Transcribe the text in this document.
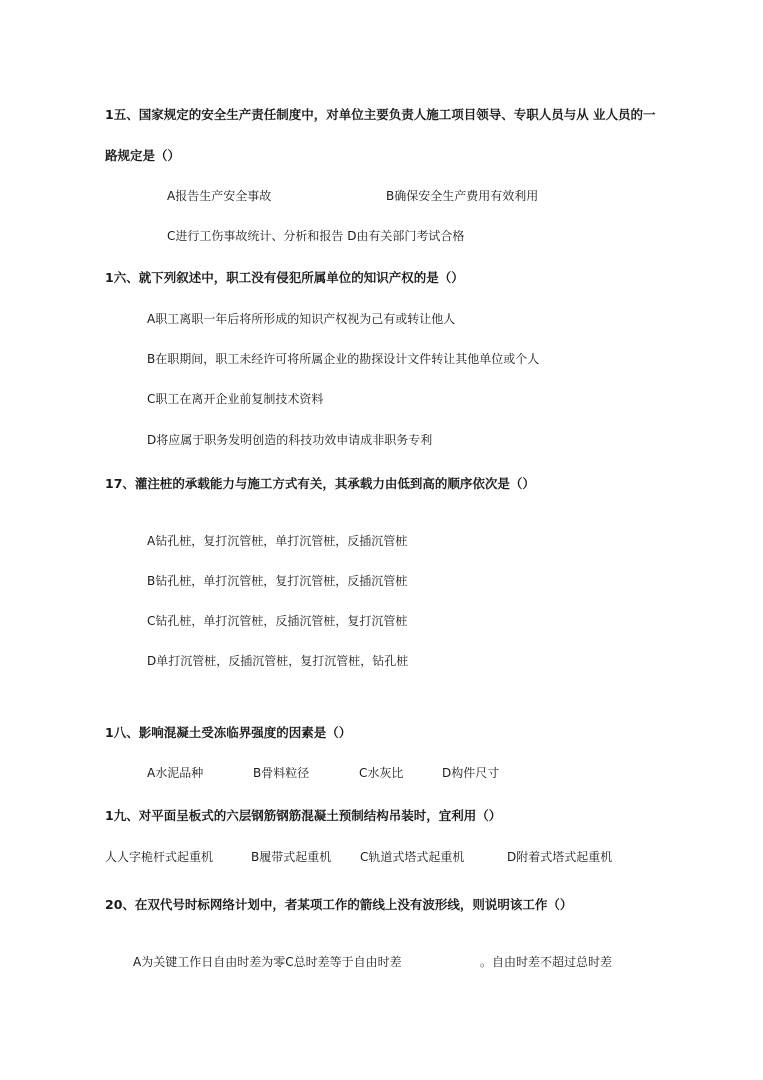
1五、国家规定的安全生产责任制度中，对单位主要负责人施工项目领导、专职人员与从 业人员的一
路规定是（）
A报告生产安全事故	B确保安全生产费用有效利用
C进行工伤事故统计、分析和报告 D由有关部门考试合格
1六、就下列叙述中，职工没有侵犯所属单位的知识产权的是（）
A职工离职一年后将所形成的知识产权视为己有或转让他人
B在职期间，职工未经许可将所属企业的勘探设计文件转让其他单位或个人
C职工在离开企业前复制技术资料
D将应属于职务发明创造的科技功效申请成非职务专利
17、灌注桩的承载能力与施工方式有关，其承载力由低到高的顺序依次是（）
A钻孔桩，复打沉管桩，单打沉管桩，反插沉管桩
B钻孔桩，单打沉管桩，复打沉管桩，反插沉管桩
C钻孔桩，单打沉管桩，反插沉管桩，复打沉管桩
D单打沉管桩，反插沉管桩，复打沉管桩，钻孔桩
1八、影响混凝土受冻临界强度的因素是（）
A水泥品种	B骨料粒径	C水灰比	D构件尺寸
1九、对平面呈板式的六层钢筋钢筋混凝土预制结构吊装时，宜利用（）
人人字桅杆式起重机	B履带式起重机 C轨道式塔式起重机	D附着式塔式起重机
20、在双代号时标网络计划中，者某项工作的箭线上没有波形线，则说明该工作（）
A为关键工作日自由时差为零C总时差等于自由时差	。自由时差不超过总时差
